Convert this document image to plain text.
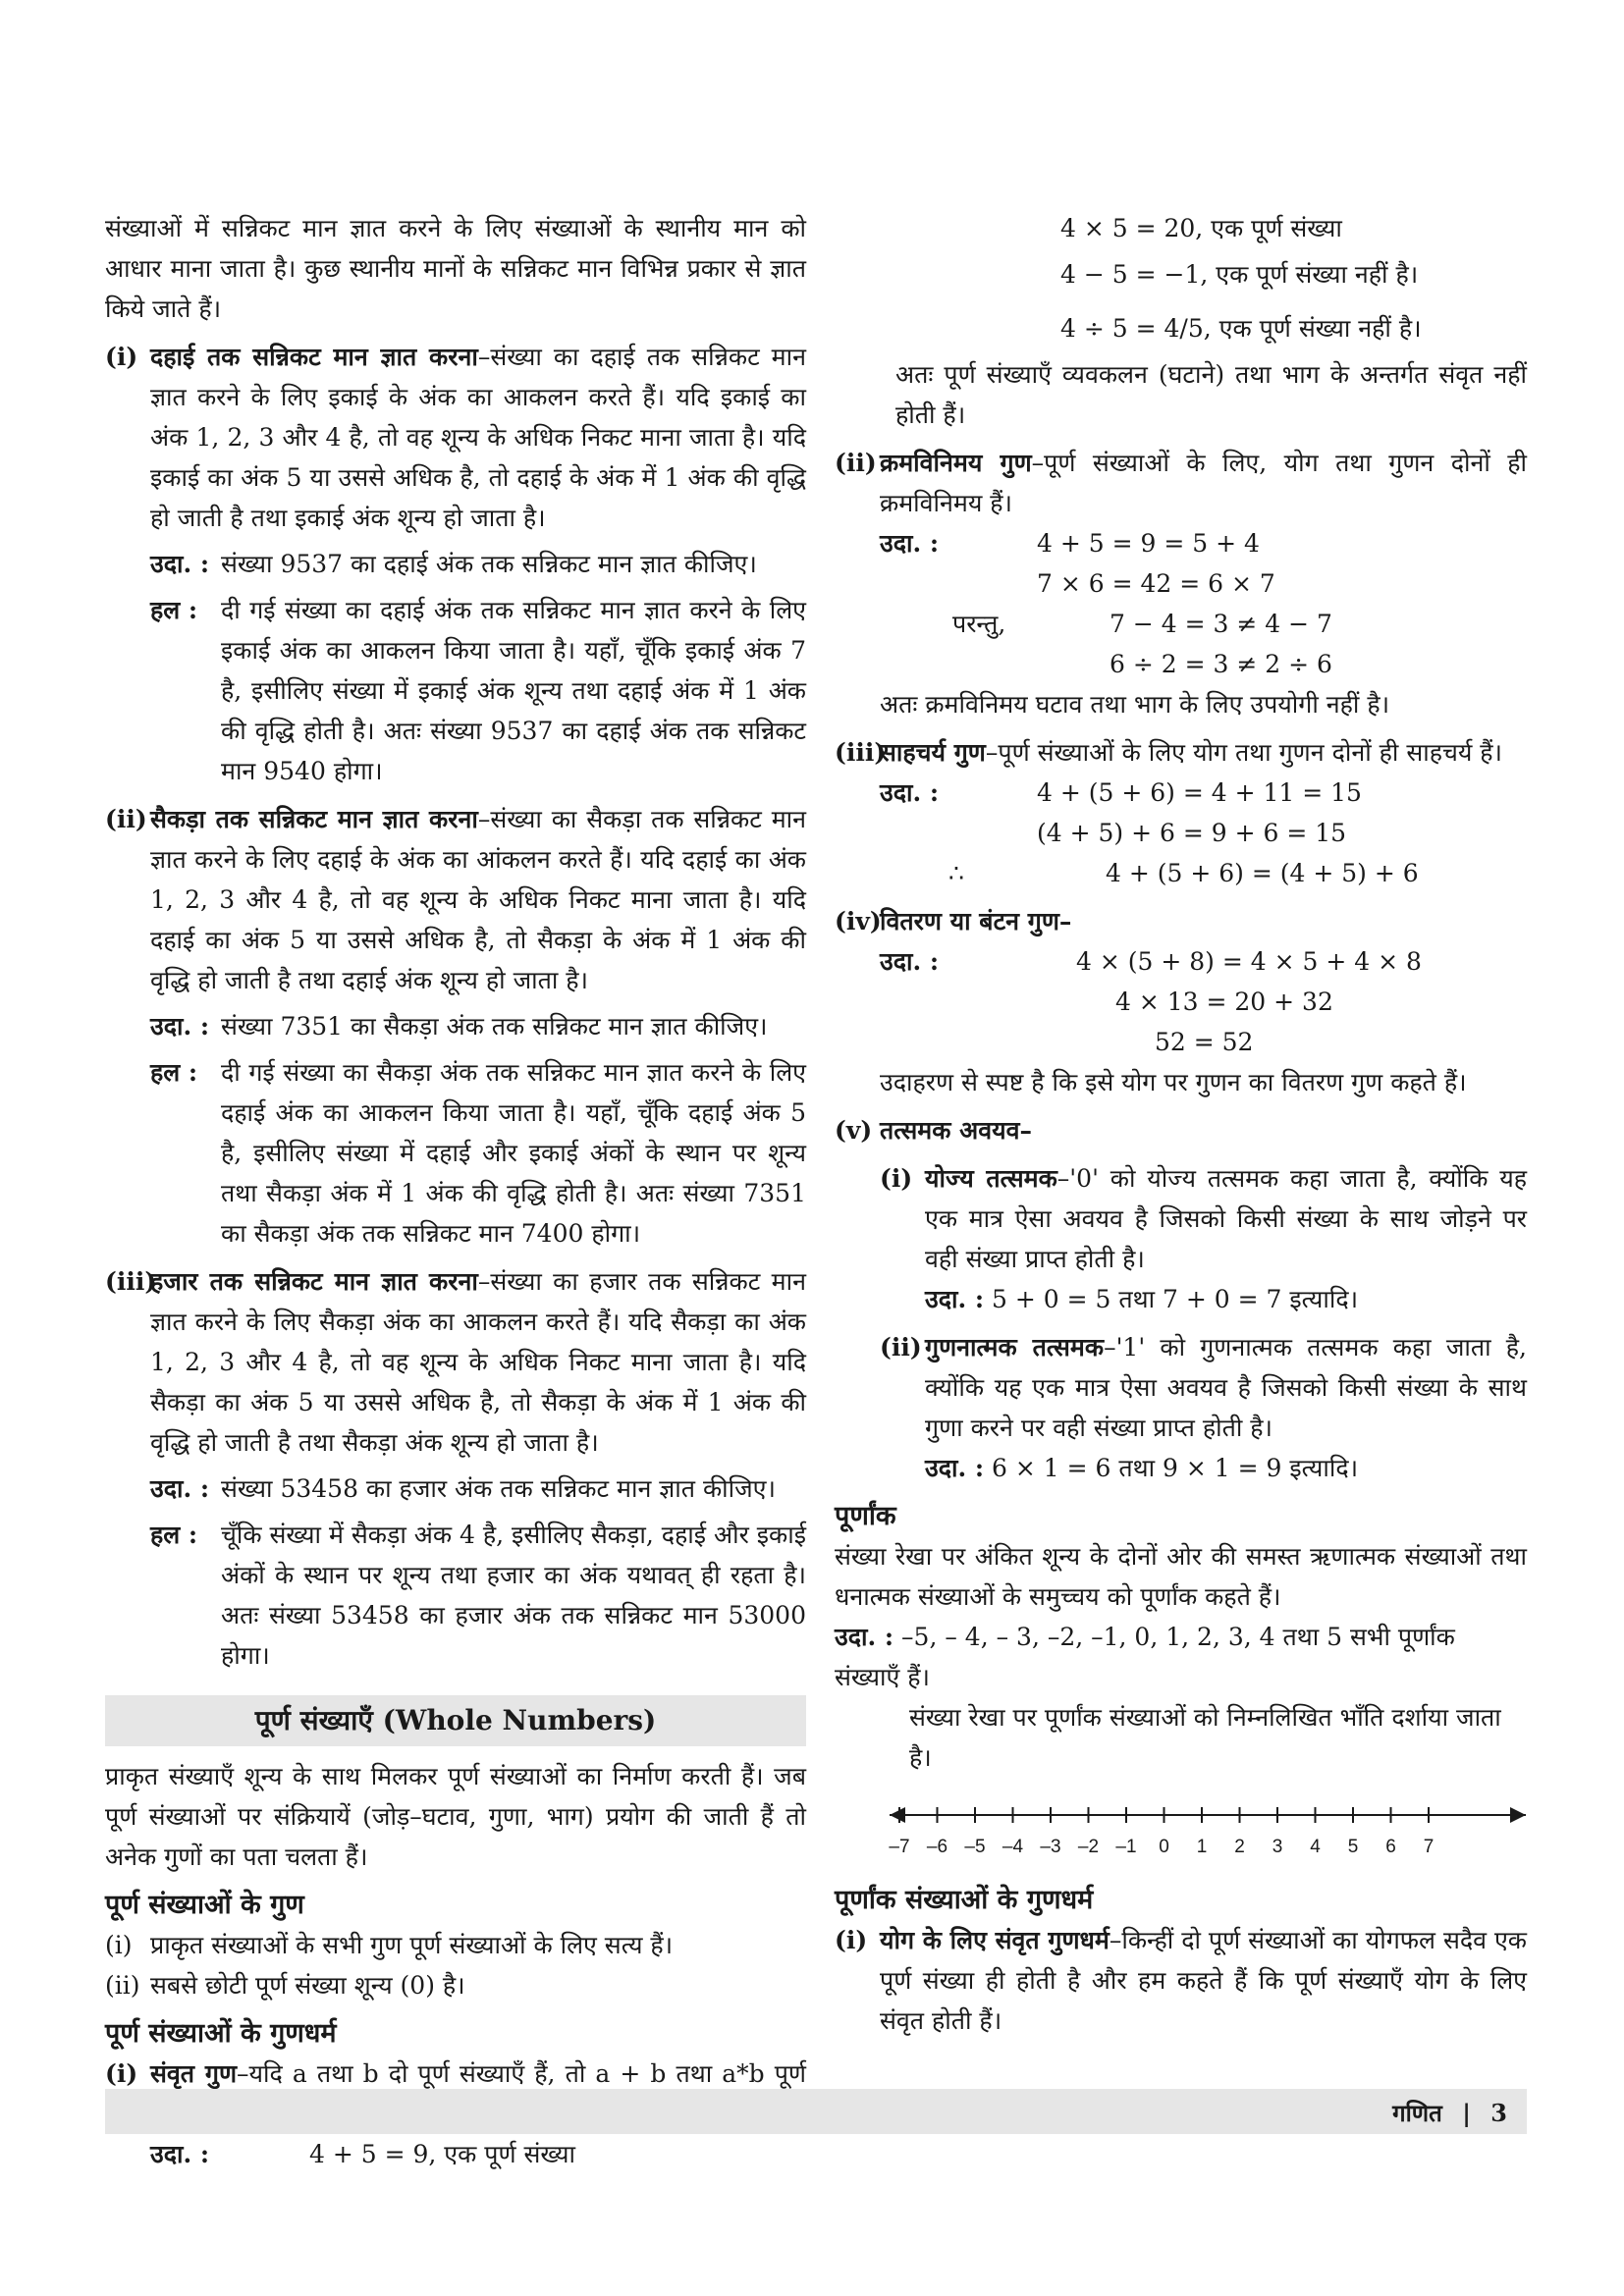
संख्याओं में सन्निकट मान ज्ञात करने के लिए संख्याओं के स्थानीय मान को आधार माना जाता है। कुछ स्थानीय मानों के सन्निकट मान विभिन्न प्रकार से ज्ञात किये जाते हैं।

(i) दहाई तक सन्निकट मान ज्ञात करना–संख्या का दहाई तक सन्निकट मान ज्ञात करने के लिए इकाई के अंक का आकलन करते हैं। यदि इकाई का अंक 1, 2, 3 और 4 है, तो वह शून्य के अधिक निकट माना जाता है। यदि इकाई का अंक 5 या उससे अधिक है, तो दहाई के अंक में 1 अंक की वृद्धि हो जाती है तथा इकाई अंक शून्य हो जाता है।

उदा. : संख्या 9537 का दहाई अंक तक सन्निकट मान ज्ञात कीजिए।

हल : दी गई संख्या का दहाई अंक तक सन्निकट मान ज्ञात करने के लिए इकाई अंक का आकलन किया जाता है। यहाँ, चूँकि इकाई अंक 7 है, इसीलिए संख्या में इकाई अंक शून्य तथा दहाई अंक में 1 अंक की वृद्धि होती है। अतः संख्या 9537 का दहाई अंक तक सन्निकट मान 9540 होगा।

(ii) सैकड़ा तक सन्निकट मान ज्ञात करना–संख्या का सैकड़ा तक सन्निकट मान ज्ञात करने के लिए दहाई के अंक का आंकलन करते हैं। यदि दहाई का अंक 1, 2, 3 और 4 है, तो वह शून्य के अधिक निकट माना जाता है। यदि दहाई का अंक 5 या उससे अधिक है, तो सैकड़ा के अंक में 1 अंक की वृद्धि हो जाती है तथा दहाई अंक शून्य हो जाता है।

उदा. : संख्या 7351 का सैकड़ा अंक तक सन्निकट मान ज्ञात कीजिए।

हल : दी गई संख्या का सैकड़ा अंक तक सन्निकट मान ज्ञात करने के लिए दहाई अंक का आकलन किया जाता है। यहाँ, चूँकि दहाई अंक 5 है, इसीलिए संख्या में दहाई और इकाई अंकों के स्थान पर शून्य तथा सैकड़ा अंक में 1 अंक की वृद्धि होती है। अतः संख्या 7351 का सैकड़ा अंक तक सन्निकट मान 7400 होगा।

(iii)

हजार तक सन्निकट मान ज्ञात करना–संख्या का हजार तक सन्निकट मान ज्ञात करने के लिए सैकड़ा अंक का आकलन करते हैं। यदि सैकड़ा का अंक 1, 2, 3 और 4 है, तो वह शून्य के अधिक निकट माना जाता है। यदि सैकड़ा का अंक 5 या उससे अधिक है, तो सैकड़ा के अंक में 1 अंक की वृद्धि हो जाती है तथा सैकड़ा अंक शून्य हो जाता है।

उदा. : संख्या 53458 का हजार अंक तक सन्निकट मान ज्ञात कीजिए।

हल : चूँकि संख्या में सैकड़ा अंक 4 है, इसीलिए सैकड़ा, दहाई और इकाई अंकों के स्थान पर शून्य तथा हजार का अंक यथावत् ही रहता है। अतः संख्या 53458 का हजार अंक तक सन्निकट मान 53000 होगा।

पूर्ण संख्याएँ (Whole Numbers)

प्राकृत संख्याएँ शून्य के साथ मिलकर पूर्ण संख्याओं का निर्माण करती हैं। जब पूर्ण संख्याओं पर संक्रियायें (जोड़–घटाव, गुणा, भाग) प्रयोग की जाती हैं तो अनेक गुणों का पता चलता हैं।

पूर्ण संख्याओं के गुण
(i) प्राकृत संख्याओं के सभी गुण पूर्ण संख्याओं के लिए सत्य हैं।

(ii) सबसे छोटी पूर्ण संख्या शून्य (0) है।

पूर्ण संख्याओं के गुणधर्म
(i) संवृत गुण–यदि a तथा b दो पूर्ण संख्याएँ हैं, तो a + b तथा a*b पूर्ण

उदा. :	4 + 5 = 9, एक पूर्ण संख्या

4 × 5 = 20, एक पूर्ण संख्या

4 − 5 = −1, एक पूर्ण संख्या नहीं है।

4 ÷ 5 = 4/5, एक पूर्ण संख्या नहीं है।

अतः पूर्ण संख्याएँ व्यवकलन (घटाने) तथा भाग के अन्तर्गत संवृत नहीं होती हैं।

(ii) क्रमविनिमय गुण–पूर्ण संख्याओं के लिए, योग तथा गुणन दोनों ही क्रमविनिमय हैं।

उदा. :	4 + 5 = 9 = 5 + 4

7 × 6 = 42 = 6 × 7

परन्तु,	7 − 4 = 3 ≠ 4 − 7

6 ÷ 2 = 3 ≠ 2 ÷ 6

अतः क्रमविनिमय घटाव तथा भाग के लिए उपयोगी नहीं है।

(iii)

साहचर्य गुण–पूर्ण संख्याओं के लिए योग तथा गुणन दोनों ही साहचर्य हैं।

उदा. :	4 + (5 + 6) = 4 + 11 = 15

(4 + 5) + 6 = 9 + 6 = 15

∴	4 + (5 + 6) = (4 + 5) + 6

(iv)

वितरण या बंटन गुण–

उदा. :	4 × (5 + 8) = 4 × 5 + 4 × 8

4 × 13 = 20 + 32

52 = 52

उदाहरण से स्पष्ट है कि इसे योग पर गुणन का वितरण गुण कहते हैं।

(v) तत्समक अवयव–

(i) योज्य तत्समक–'0' को योज्य तत्समक कहा जाता है, क्योंकि यह एक मात्र ऐसा अवयव है जिसको किसी संख्या के साथ जोड़ने पर वही संख्या प्राप्त होती है।

उदा. : 5 + 0 = 5 तथा 7 + 0 = 7 इत्यादि।

(ii) गुणनात्मक तत्समक–'1' को गुणनात्मक तत्समक कहा जाता है, क्योंकि यह एक मात्र ऐसा अवयव है जिसको किसी संख्या के साथ गुणा करने पर वही संख्या प्राप्त होती है।

उदा. : 6 × 1 = 6 तथा 9 × 1 = 9 इत्यादि।

पूर्णांक

संख्या रेखा पर अंकित शून्य के दोनों ओर की समस्त ऋणात्मक संख्याओं तथा धनात्मक संख्याओं के समुच्चय को पूर्णांक कहते हैं।

उदा. : –5, – 4, – 3, –2, –1, 0, 1, 2, 3, 4 तथा 5 सभी पूर्णांक संख्याएँ हैं।

संख्या रेखा पर पूर्णांक संख्याओं को निम्नलिखित भाँति दर्शाया जाता है।

–7 –6 –5 –4 –3 –2 –1 0 1 2 3 4 5 6 7
पूर्णांक संख्याओं के गुणधर्म
(i) योग के लिए संवृत गुणधर्म–किन्हीं दो पूर्ण संख्याओं का योगफल सदैव एक पूर्ण संख्या ही होती है और हम कहते हैं कि पूर्ण संख्याएँ योग के लिए संवृत होती हैं।

गणित | 3
